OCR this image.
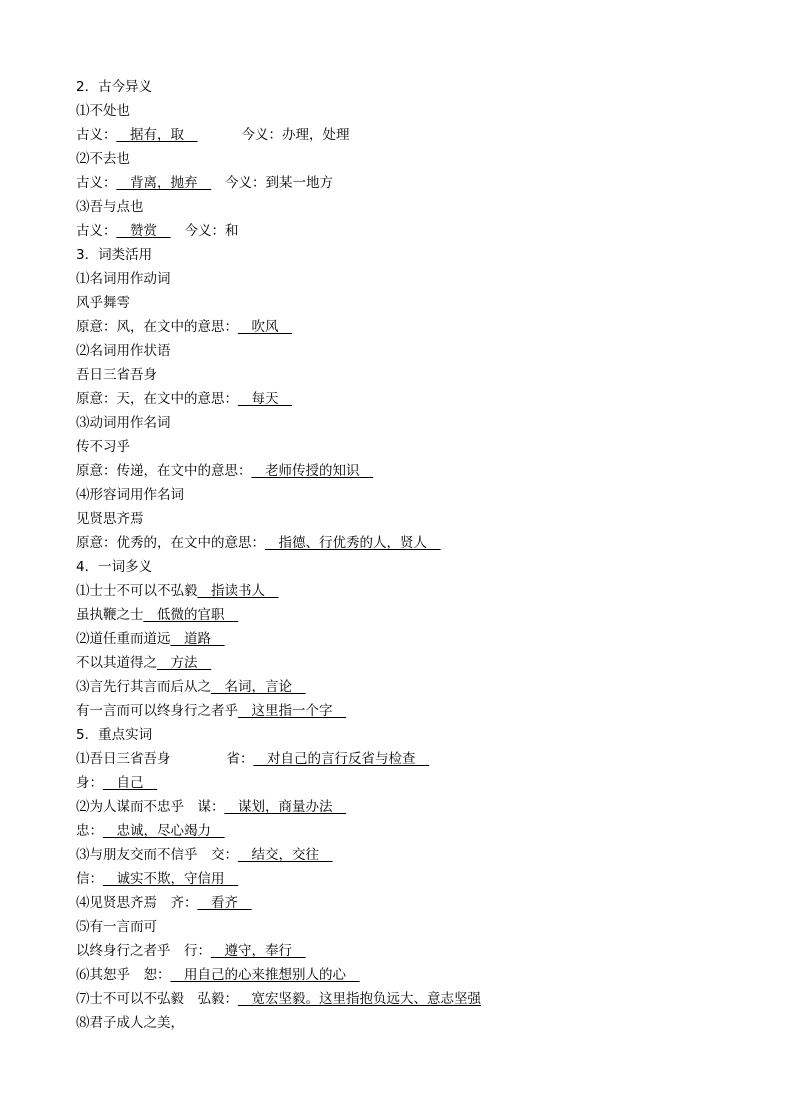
2．古今异义
⑴不处也
古义：__据有，取__	今义：办理，处理
⑵不去也
古义：__背离，抛弃__ 今义：到某一地方
⑶吾与点也
古义：__赞赏__ 今义：和
3．词类活用
⑴名词用作动词
风乎舞雩
原意：风，在文中的意思：__吹风__
⑵名词用作状语
吾日三省吾身
原意：天，在文中的意思：__每天__
⑶动词用作名词
传不习乎
原意：传递，在文中的意思：__老师传授的知识__
⑷形容词用作名词
见贤思齐焉
原意：优秀的，在文中的意思：__指德、行优秀的人，贤人__
4．一词多义
⑴士士不可以不弘毅__指读书人__
虽执鞭之士__低微的官职__
⑵道任重而道远__道路__
不以其道得之__方法__
⑶言先行其言而后从之__名词，言论__
有一言而可以终身行之者乎__这里指一个字__
5．重点实词
⑴吾日三省吾身	省：__对自己的言行反省与检查__
身：__自己__
⑵为人谋而不忠乎　谋：__谋划，商量办法__
忠：__忠诚，尽心竭力__
⑶与朋友交而不信乎　交：__结交，交往__
信：__诚实不欺，守信用__
⑷见贤思齐焉　齐：__看齐__
⑸有一言而可
以终身行之者乎　行：__遵守，奉行__
⑹其恕乎　恕：__用自己的心来推想别人的心__
⑺士不可以不弘毅　弘毅：__宽宏坚毅。这里指抱负远大、意志坚强
⑻君子成人之美，
